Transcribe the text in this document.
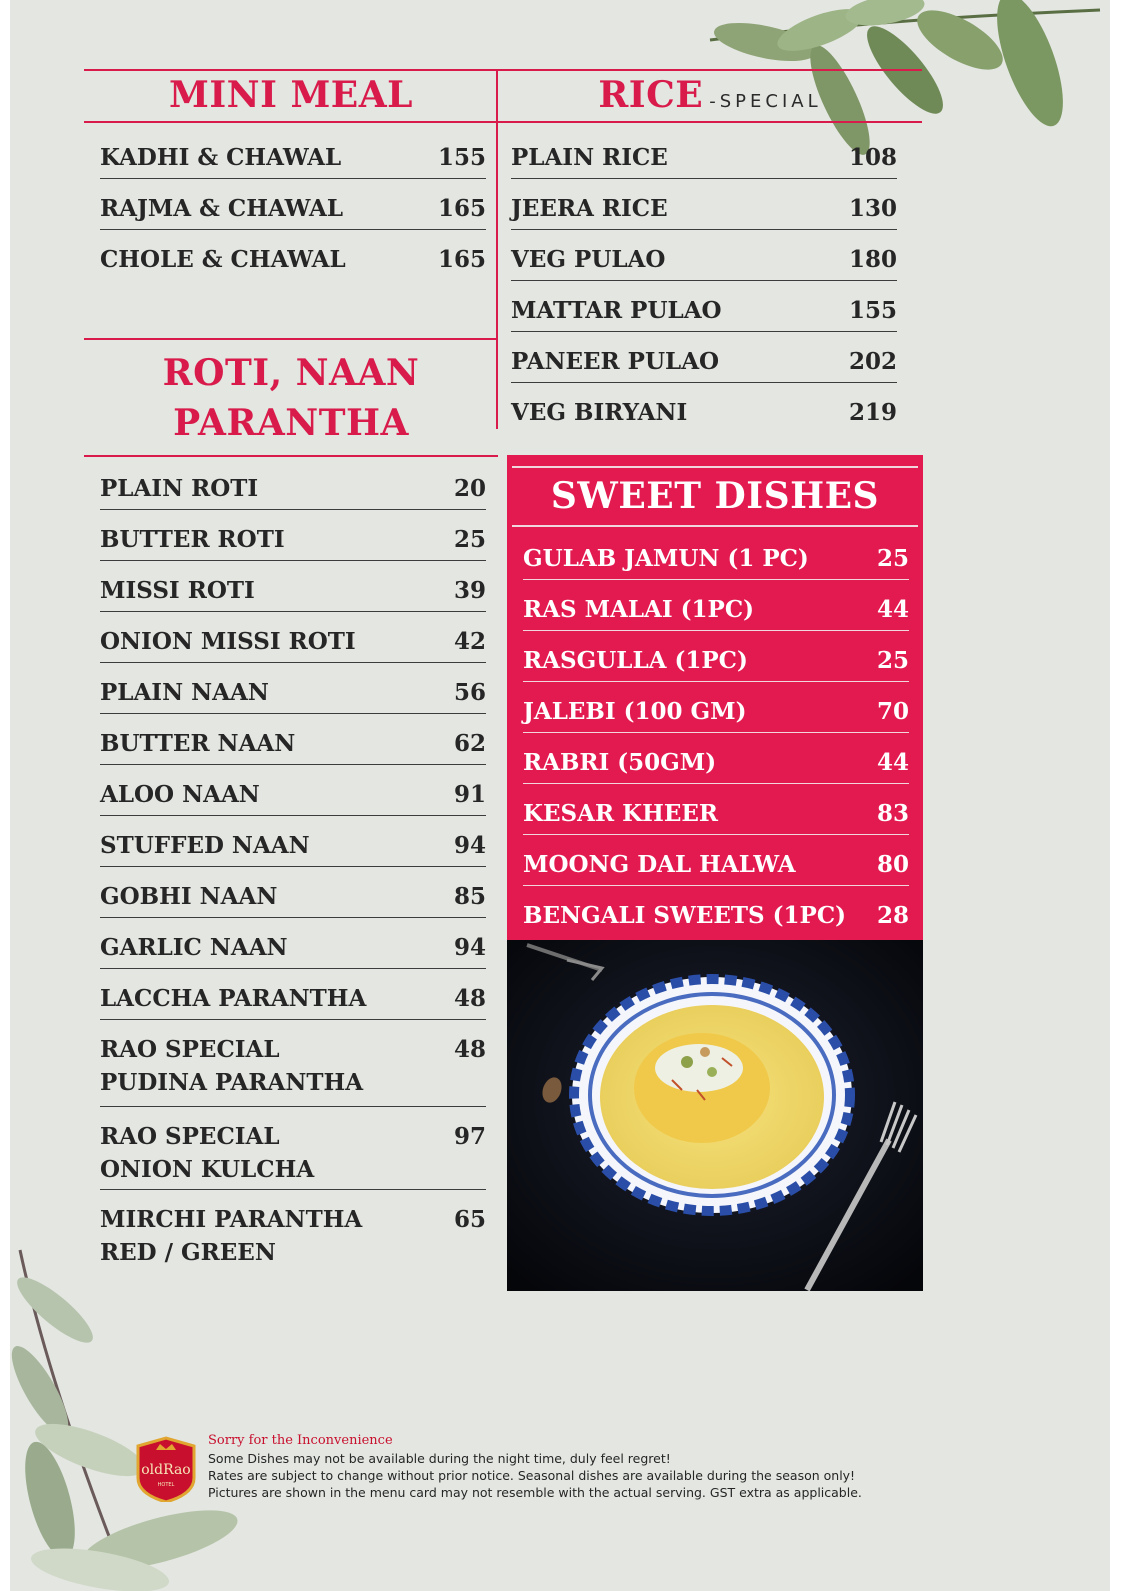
MINI MEAL
KADHI & CHAWAL	155
RAJMA & CHAWAL	165
CHOLE & CHAWAL	165
RICE -SPECIAL
PLAIN RICE	108
JEERA RICE	130
VEG PULAO	180
MATTAR PULAO	155
PANEER PULAO	202
VEG BIRYANI	219
ROTI, NAAN
PARANTHA
PLAIN ROTI	20
BUTTER ROTI	25
MISSI ROTI	39
ONION MISSI ROTI	42
PLAIN NAAN	56
BUTTER NAAN	62
ALOO NAAN	91
STUFFED NAAN	94
GOBHI NAAN	85
GARLIC NAAN	94
LACCHA PARANTHA	48
RAO SPECIAL
PUDINA PARANTHA
48
RAO SPECIAL
ONION KULCHA
97
MIRCHI PARANTHA
RED / GREEN
65
SWEET DISHES
GULAB JAMUN (1 PC)	25
RAS MALAI (1PC)	44
RASGULLA (1PC)	25
JALEBI (100 GM)	70
RABRI (50GM)	44
KESAR KHEER	83
MOONG DAL HALWA	80
BENGALI SWEETS (1PC) 28
oldRao
HOTEL
Sorry for the Inconvenience
Some Dishes may not be available during the night time, duly feel regret!
Rates are subject to change without prior notice. Seasonal dishes are available during the season only!
Pictures are shown in the menu card may not resemble with the actual serving. GST extra as applicable.
